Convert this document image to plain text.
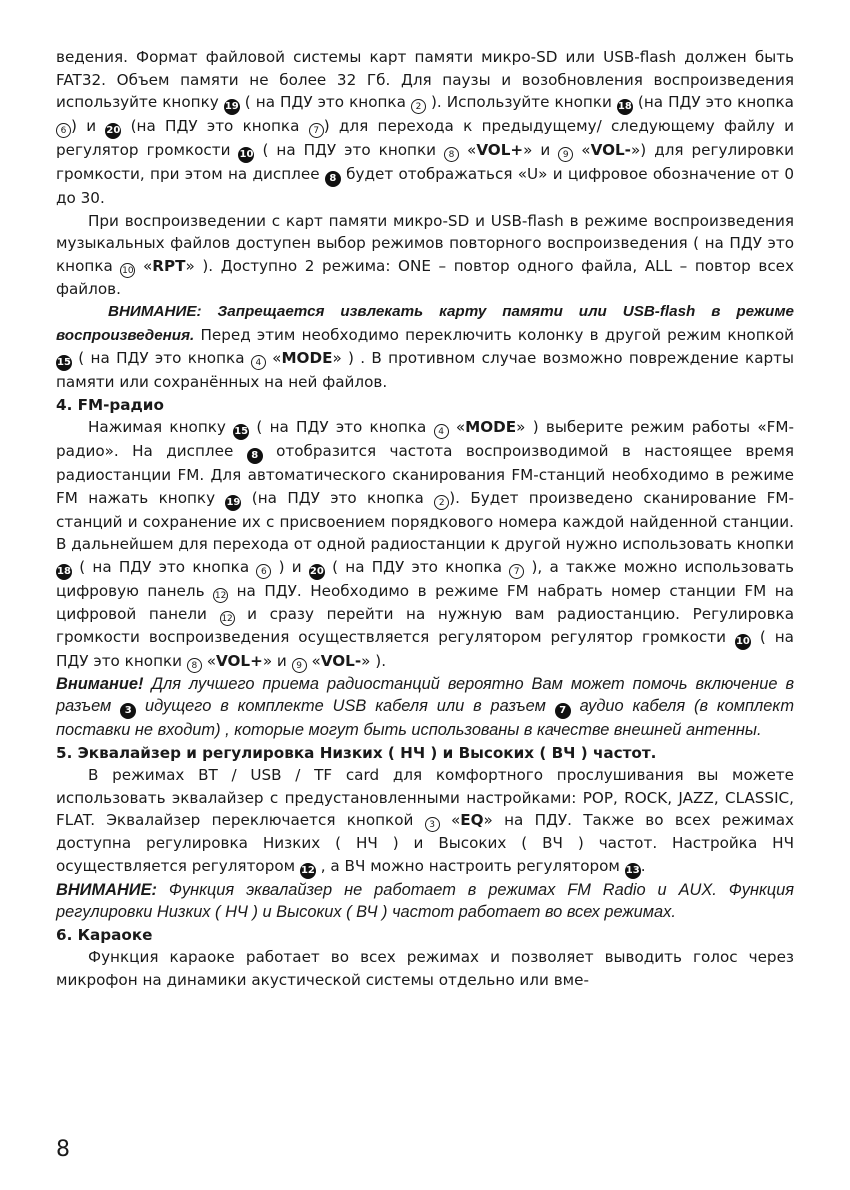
ведения. Формат файловой системы карт памяти микро-SD или USB-flash должен быть FAT32. Объем памяти не более 32 Гб. Для паузы и возобновления воспроизведения используйте кнопку 19 ( на ПДУ это кнопка 2 ). Используйте кнопки 18 (на ПДУ это кнопка 6 ) и 20 (на ПДУ это кнопка 7 ) для перехода к предыдущему/ следующему файлу и регулятор громкости 10 ( на ПДУ это кнопки 8 «VOL+» и 9 «VOL-») для регулировки громкости, при этом на дисплее 8 будет отображаться «U» и цифровое обозначение от 0 до 30.

При воспроизведении с карт памяти микро-SD и USB-flash в режиме воспроизведения музыкальных файлов доступен выбор режимов повторного воспроизведения ( на ПДУ это кнопка 10 «RPT» ). Доступно 2 режима: ONE – повтор одного файла, ALL – повтор всех файлов.

ВНИМАНИЕ: Запрещается извлекать карту памяти или USB-flash в режиме воспроизведения. Перед этим необходимо переключить колонку в другой режим кнопкой 15 ( на ПДУ это кнопка 4 «MODE» ) . В противном случае возможно повреждение карты памяти или сохранённых на ней файлов.

4. FM-радио

Нажимая кнопку 15 ( на ПДУ это кнопка 4 «MODE» ) выберите режим работы «FM-радио». На дисплее 8 отобразится частота воспроизводимой в настоящее время радиостанции FM. Для автоматического сканирования FM-станций необходимо в режиме FM нажать кнопку 19 (на ПДУ это кнопка 2 ). Будет произведено сканирование FM-станций и сохранение их с присвоением порядкового номера каждой найденной станции. В дальнейшем для перехода от одной радиостанции к другой нужно использовать кнопки 18 ( на ПДУ это кнопка 6 ) и 20 ( на ПДУ это кнопка 7 ), а также можно использовать цифровую панель 12 на ПДУ. Необходимо в режиме FM набрать номер станции FM на цифровой панели 12 и сразу перейти на нужную вам радиостанцию. Регулировка громкости воспроизведения осуществляется регулятором регулятор громкости 10 ( на ПДУ это кнопки 8 «VOL+» и 9 «VOL-» ).

Внимание! Для лучшего приема радиостанций вероятно Вам может помочь включение в разъем 3 идущего в комплекте USB кабеля или в разъем 7 аудио кабеля (в комплект поставки не входит) , которые могут быть использованы в качестве внешней антенны.

5. Эквалайзер и регулировка Низких ( НЧ ) и Высоких ( ВЧ ) частот.

В режимах BT / USB / TF card для комфортного прослушивания вы можете использовать эквалайзер с предустановленными настройками: POP, ROCK, JAZZ, CLASSIC, FLAT. Эквалайзер переключается кнопкой 3 «EQ» на ПДУ. Также во всех режимах доступна регулировка Низких ( НЧ ) и Высоких ( ВЧ ) частот. Настройка НЧ осуществляется регулятором 12 , а ВЧ можно настроить регулятором 13.

ВНИМАНИЕ: Функция эквалайзер не работает в режимах FM Radio и AUX. Функция регулировки Низких ( НЧ ) и Высоких ( ВЧ ) частот работает во всех режимах.

6. Караоке

Функция караоке работает во всех режимах и позволяет выводить голос через микрофон на динамики акустической системы отдельно или вме-

8
